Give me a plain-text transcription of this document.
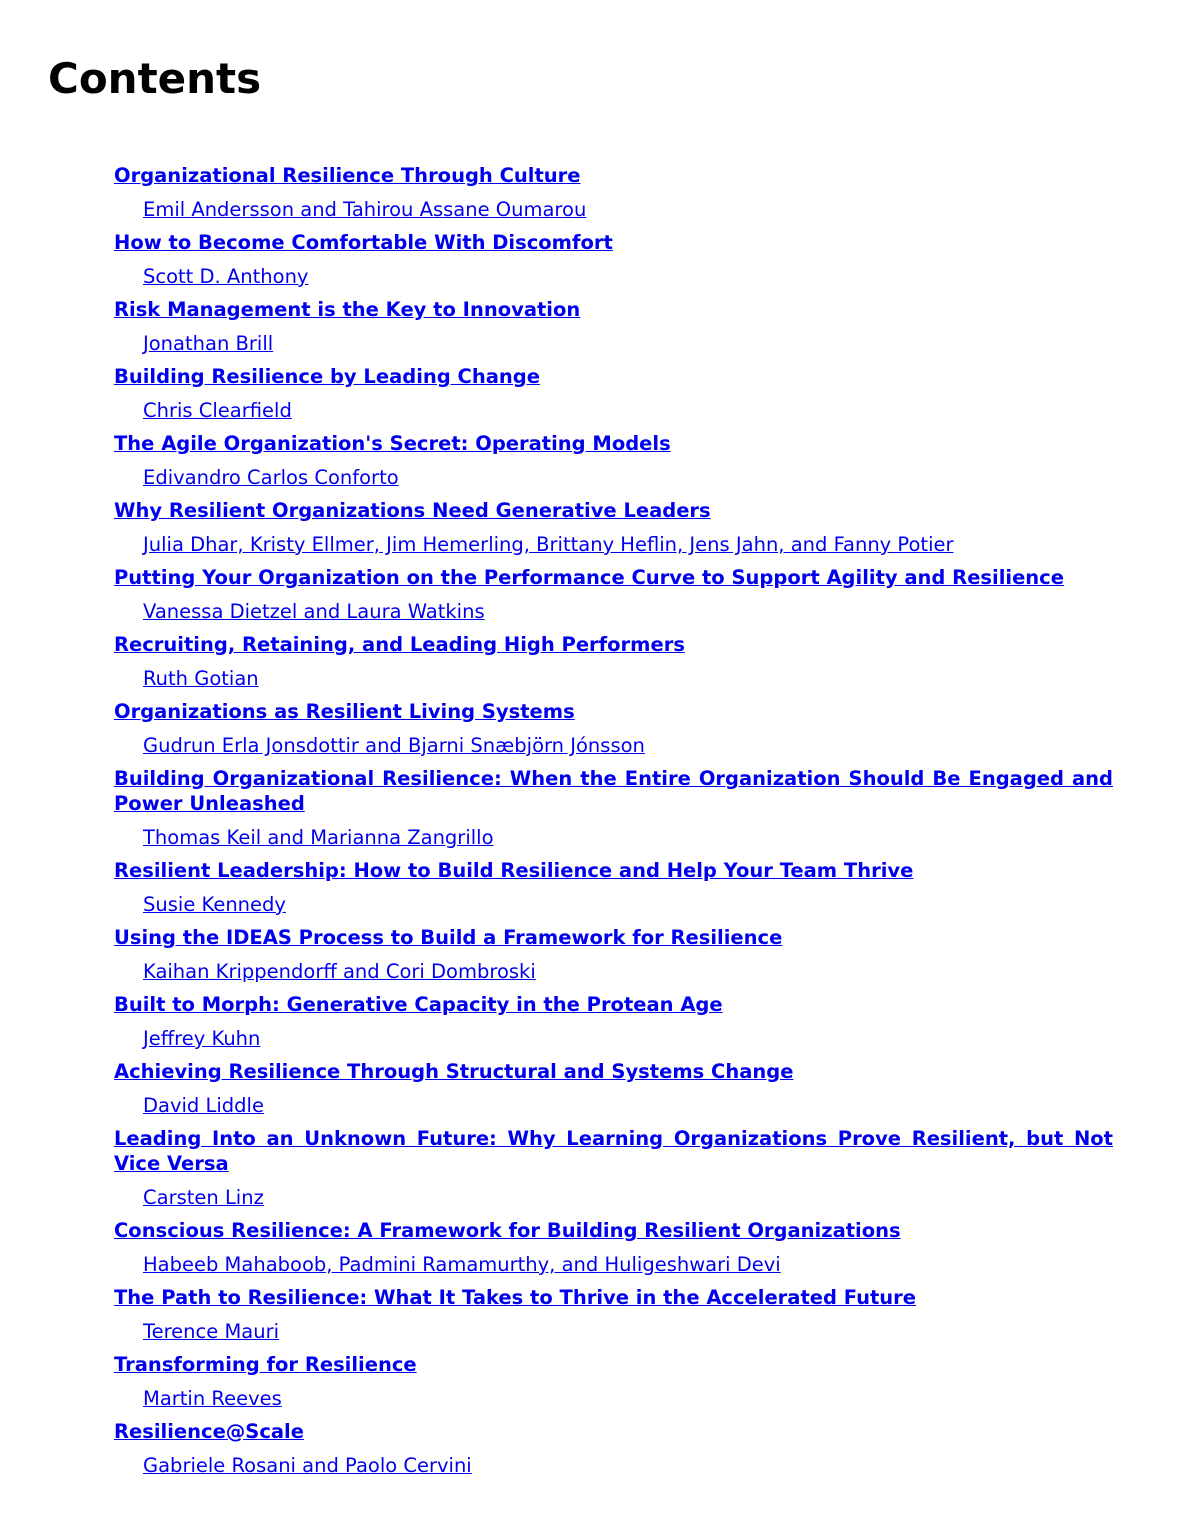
Contents
Organizational Resilience Through Culture
Emil Andersson and Tahirou Assane Oumarou
How to Become Comfortable With Discomfort
Scott D. Anthony
Risk Management is the Key to Innovation
Jonathan Brill
Building Resilience by Leading Change
Chris Clearfield
The Agile Organization's Secret: Operating Models
Edivandro Carlos Conforto
Why Resilient Organizations Need Generative Leaders
Julia Dhar, Kristy Ellmer, Jim Hemerling, Brittany Heflin, Jens Jahn, and Fanny Potier
Putting Your Organization on the Performance Curve to Support Agility and Resilience
Vanessa Dietzel and Laura Watkins
Recruiting, Retaining, and Leading High Performers
Ruth Gotian
Organizations as Resilient Living Systems
Gudrun Erla Jonsdottir and Bjarni Snæbjörn Jónsson
Building Organizational Resilience: When the Entire Organization Should Be Engaged and Power Unleashed
Thomas Keil and Marianna Zangrillo
Resilient Leadership: How to Build Resilience and Help Your Team Thrive
Susie Kennedy
Using the IDEAS Process to Build a Framework for Resilience
Kaihan Krippendorff and Cori Dombroski
Built to Morph: Generative Capacity in the Protean Age
Jeffrey Kuhn
Achieving Resilience Through Structural and Systems Change
David Liddle
Leading Into an Unknown Future: Why Learning Organizations Prove Resilient, but Not Vice Versa
Carsten Linz
Conscious Resilience: A Framework for Building Resilient Organizations
Habeeb Mahaboob, Padmini Ramamurthy, and Huligeshwari Devi
The Path to Resilience: What It Takes to Thrive in the Accelerated Future
Terence Mauri
Transforming for Resilience
Martin Reeves
Resilience@Scale
Gabriele Rosani and Paolo Cervini
